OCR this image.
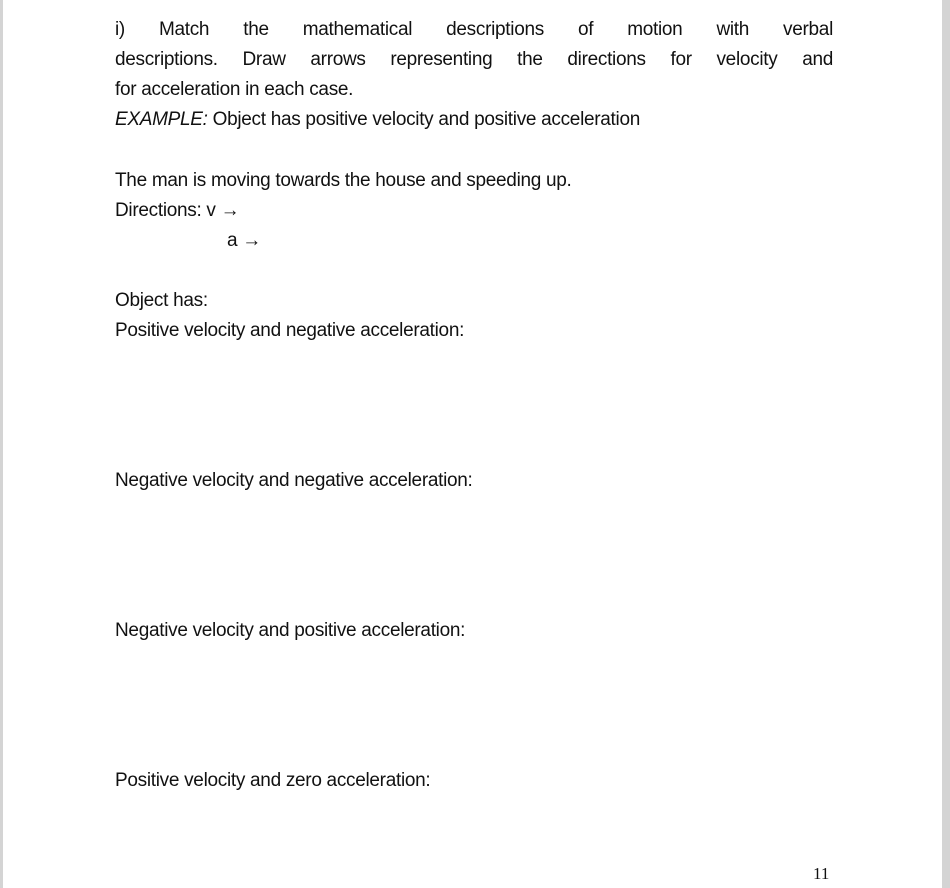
i) Match the mathematical descriptions of motion with verbal
descriptions. Draw arrows representing the directions for velocity and
for acceleration in each case.
EXAMPLE: Object has positive velocity and positive acceleration
The man is moving towards the house and speeding up.
Directions: v →
a →
Object has:
Positive velocity and negative acceleration:
Negative velocity and negative acceleration:
Negative velocity and positive acceleration:
Positive velocity and zero acceleration:
11
